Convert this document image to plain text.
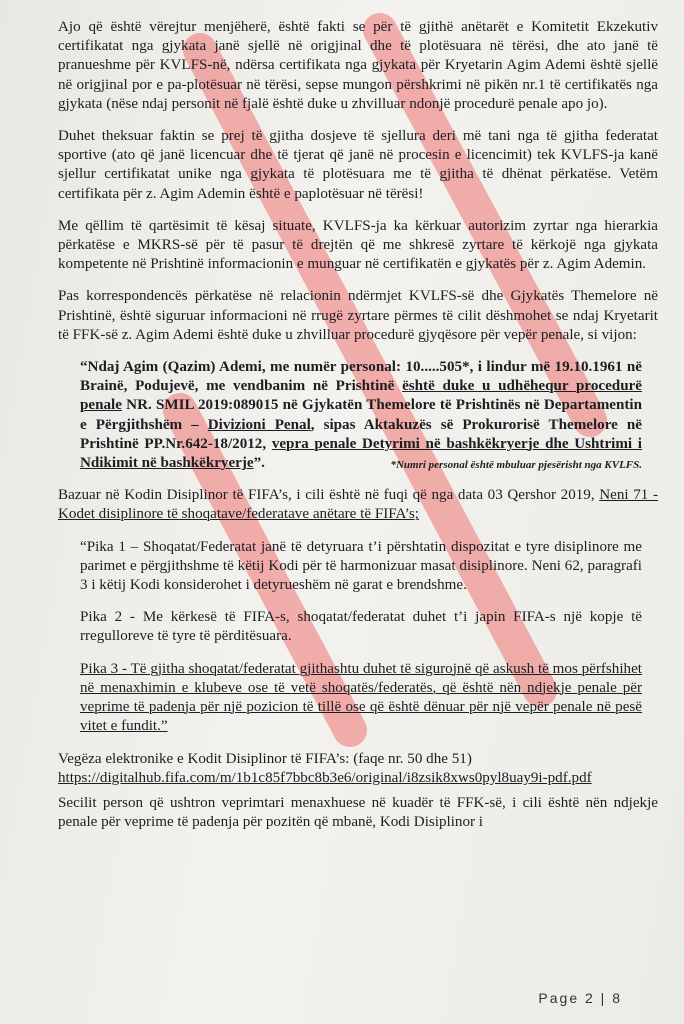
Ajo që është vërejtur menjëherë, është fakti se për të gjithë anëtarët e Komitetit Ekzekutiv certifikatat nga gjykata janë sjellë në origjinal dhe të plotësuara në tërësi, dhe ato janë të pranueshme për KVLFS-në, ndërsa certifikata nga gjykata për Kryetarin Agim Ademi është sjellë në origjinal por e pa-plotësuar në tërësi, sepse mungon përshkrimi në pikën nr.1 të certifikatës nga gjykata (nëse ndaj personit në fjalë është duke u zhvilluar ndonjë procedurë penale apo jo).

Duhet theksuar faktin se prej të gjitha dosjeve të sjellura deri më tani nga të gjitha federatat sportive (ato që janë licencuar dhe të tjerat që janë në procesin e licencimit) tek KVLFS-ja kanë sjellur certifikatat unike nga gjykata të plotësuara me të gjitha të dhënat përkatëse. Vetëm certifikata për z. Agim Ademin është e paplotësuar në tërësi!

Me qëllim të qartësimit të kësaj situate, KVLFS-ja ka kërkuar autorizim zyrtar nga hierarkia përkatëse e MKRS-së për të pasur të drejtën që me shkresë zyrtare të kërkojë nga gjykata kompetente në Prishtinë informacionin e munguar në certifikatën e gjykatës për z. Agim Ademin.

Pas korrespondencës përkatëse në relacionin ndërmjet KVLFS-së dhe Gjykatës Themelore në Prishtinë, është siguruar informacioni në rrugë zyrtare përmes të cilit dëshmohet se ndaj Kryetarit të FFK-së z. Agim Ademi është duke u zhvilluar procedurë gjyqësore për vepër penale, si vijon:

“Ndaj Agim (Qazim) Ademi, me numër personal: 10.....505*, i lindur më 19.10.1961 në Brainë, Podujevë, me vendbanim në Prishtinë është duke u udhëhequr procedurë penale NR. SMIL 2019:089015 në Gjykatën Themelore të Prishtinës në Departamentin e Përgjithshëm – Divizioni Penal, sipas Aktakuzës së Prokurorisë Themelore në Prishtinë PP.Nr.642-18/2012, vepra penale Detyrimi në bashkëkryerje dhe Ushtrimi i Ndikimit në bashkëkryerje”.	*Numri personal është mbuluar pjesërisht nga KVLFS.

Bazuar në Kodin Disiplinor të FIFA’s, i cili është në fuqi që nga data 03 Qershor 2019, Neni 71 - Kodet disiplinore të shoqatave/federatave anëtare të FIFA’s;

“Pika 1 – Shoqatat/Federatat janë të detyruara t’i përshtatin dispozitat e tyre disiplinore me parimet e përgjithshme të këtij Kodi për të harmonizuar masat disiplinore. Neni 62, paragrafi 3 i këtij Kodi konsiderohet i detyrueshëm në garat e brendshme.

Pika 2 - Me kërkesë të FIFA-s, shoqatat/federatat duhet t’i japin FIFA-s një kopje të rregulloreve të tyre të përditësuara.

Pika 3 - Të gjitha shoqatat/federatat gjithashtu duhet të sigurojnë që askush të mos përfshihet në menaxhimin e klubeve ose të vetë shoqatës/federatës, që është nën ndjekje penale për veprime të padenja për një pozicion të tillë ose që është dënuar për një vepër penale në pesë vitet e fundit.”

Vegëza elektronike e Kodit Disiplinor të FIFA’s: (faqe nr. 50 dhe 51)
https://digitalhub.fifa.com/m/1b1c85f7bbc8b3e6/original/i8zsik8xws0pyl8uay9i-pdf.pdf

Secilit person që ushtron veprimtari menaxhuese në kuadër të FFK-së, i cili është nën ndjekje penale për veprime të padenja për pozitën që mbanë, Kodi Disiplinor i

Page 2 | 8
